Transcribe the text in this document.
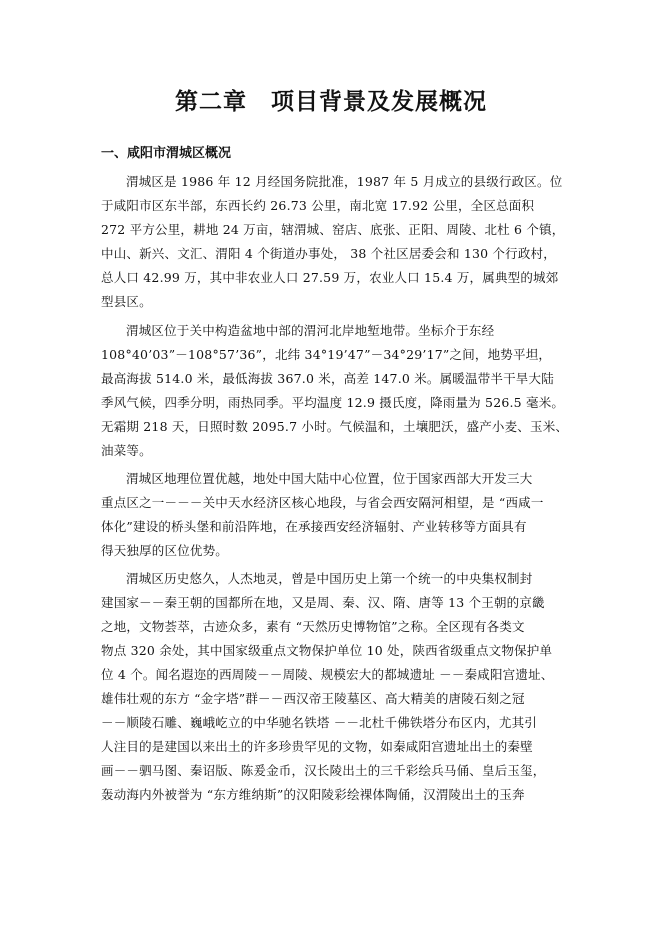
第二章　项目背景及发展概况
一、咸阳市渭城区概况

渭城区是 1986 年 12 月经国务院批准，1987 年 5 月成立的县级行政区。位

于咸阳市区东半部，东西长约 26.73 公里，南北宽 17.92 公里，全区总面积

272 平方公里，耕地 24 万亩，辖渭城、窑店、底张、正阳、周陵、北杜 6 个镇，

中山、新兴、文汇、渭阳 4 个街道办事处， 38 个社区居委会和 130 个行政村，

总人口 42.99 万，其中非农业人口 27.59 万，农业人口 15.4 万，属典型的城郊

型县区。

渭城区位于关中构造盆地中部的渭河北岸地堑地带。坐标介于东经

108°40’03”－108°57’36”，北纬 34°19’47”－34°29’17”之间，地势平坦，

最高海拔 514.0 米，最低海拔 367.0 米，高差 147.0 米。属暖温带半干旱大陆

季风气候，四季分明，雨热同季。平均温度 12.9 摄氏度，降雨量为 526.5 毫米。

无霜期 218 天，日照时数 2095.7 小时。气候温和，土壤肥沃，盛产小麦、玉米、

油菜等。

渭城区地理位置优越，地处中国大陆中心位置，位于国家西部大开发三大

重点区之一－－－关中天水经济区核心地段，与省会西安隔河相望，是 “西咸一

体化”建设的桥头堡和前沿阵地，在承接西安经济辐射、产业转移等方面具有

得天独厚的区位优势。

渭城区历史悠久，人杰地灵，曾是中国历史上第一个统一的中央集权制封

建国家－－秦王朝的国都所在地，又是周、秦、汉、隋、唐等 13 个王朝的京畿

之地，文物荟萃，古迹众多，素有 “天然历史博物馆”之称。全区现有各类文

物点 320 余处，其中国家级重点文物保护单位 10 处，陕西省级重点文物保护单

位 4 个。闻名遐迩的西周陵－－周陵、规模宏大的都城遗址 －－秦咸阳宫遗址、

雄伟壮观的东方 “金字塔”群－－西汉帝王陵墓区、高大精美的唐陵石刻之冠

－－顺陵石雕、巍峨屹立的中华驰名铁塔 －－北杜千佛铁塔分布区内，尤其引

人注目的是建国以来出土的许多珍贵罕见的文物，如秦咸阳宫遗址出土的秦壁

画－－驷马图、秦诏版、陈爰金币，汉长陵出土的三千彩绘兵马俑、皇后玉玺，

轰动海内外被誉为 “东方维纳斯”的汉阳陵彩绘裸体陶俑，汉渭陵出土的玉奔
